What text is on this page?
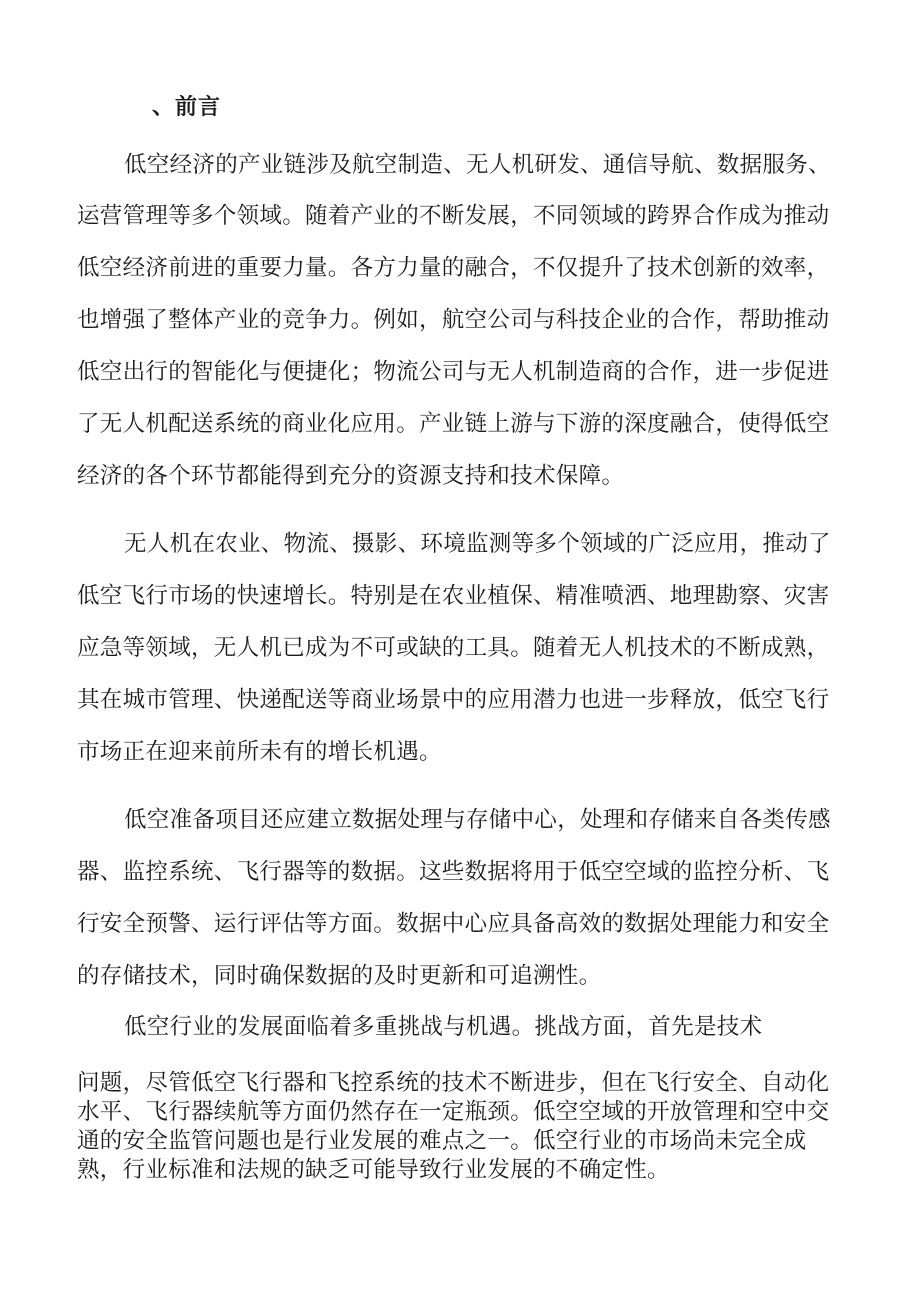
、前言
低空经济的产业链涉及航空制造、无人机研发、通信导航、数据服务、
运营管理等多个领域。随着产业的不断发展，不同领域的跨界合作成为推动
低空经济前进的重要力量。各方力量的融合，不仅提升了技术创新的效率，
也增强了整体产业的竞争力。例如，航空公司与科技企业的合作，帮助推动
低空出行的智能化与便捷化；物流公司与无人机制造商的合作，进一步促进
了无人机配送系统的商业化应用。产业链上游与下游的深度融合，使得低空
经济的各个环节都能得到充分的资源支持和技术保障。
无人机在农业、物流、摄影、环境监测等多个领域的广泛应用，推动了
低空飞行市场的快速增长。特别是在农业植保、精准喷洒、地理勘察、灾害
应急等领域，无人机已成为不可或缺的工具。随着无人机技术的不断成熟，
其在城市管理、快递配送等商业场景中的应用潜力也进一步释放，低空飞行
市场正在迎来前所未有的增长机遇。
低空准备项目还应建立数据处理与存储中心，处理和存储来自各类传感
器、监控系统、飞行器等的数据。这些数据将用于低空空域的监控分析、飞
行安全预警、运行评估等方面。数据中心应具备高效的数据处理能力和安全
的存储技术，同时确保数据的及时更新和可追溯性。
低空行业的发展面临着多重挑战与机遇。挑战方面，首先是技术
问题，尽管低空飞行器和飞控系统的技术不断进步，但在飞行安全、自动化
水平、飞行器续航等方面仍然存在一定瓶颈。低空空域的开放管理和空中交
通的安全监管问题也是行业发展的难点之一。低空行业的市场尚未完全成
熟，行业标准和法规的缺乏可能导致行业发展的不确定性。
